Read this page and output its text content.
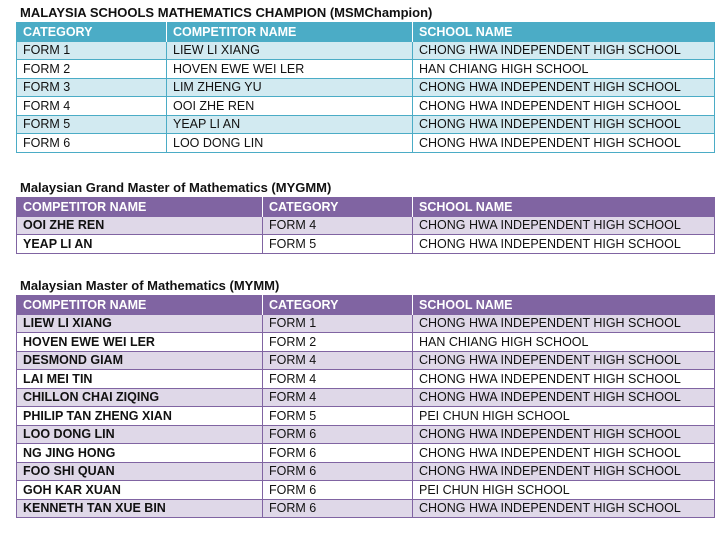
MALAYSIA SCHOOLS MATHEMATICS CHAMPION (MSMChampion)
CATEGORY	COMPETITOR NAME	SCHOOL NAME
FORM 1	LIEW LI XIANG	CHONG HWA INDEPENDENT HIGH SCHOOL
FORM 2	HOVEN EWE WEI LER	HAN CHIANG HIGH SCHOOL
FORM 3	LIM ZHENG YU	CHONG HWA INDEPENDENT HIGH SCHOOL
FORM 4	OOI ZHE REN	CHONG HWA INDEPENDENT HIGH SCHOOL
FORM 5	YEAP LI AN	CHONG HWA INDEPENDENT HIGH SCHOOL
FORM 6	LOO DONG LIN	CHONG HWA INDEPENDENT HIGH SCHOOL
Malaysian Grand Master of Mathematics (MYGMM)
COMPETITOR NAME	CATEGORY	SCHOOL NAME
OOI ZHE REN	FORM 4	CHONG HWA INDEPENDENT HIGH SCHOOL
YEAP LI AN	FORM 5	CHONG HWA INDEPENDENT HIGH SCHOOL
Malaysian Master of Mathematics (MYMM)
COMPETITOR NAME	CATEGORY	SCHOOL NAME
LIEW LI XIANG	FORM 1	CHONG HWA INDEPENDENT HIGH SCHOOL
HOVEN EWE WEI LER	FORM 2	HAN CHIANG HIGH SCHOOL
DESMOND GIAM	FORM 4	CHONG HWA INDEPENDENT HIGH SCHOOL
LAI MEI TIN	FORM 4	CHONG HWA INDEPENDENT HIGH SCHOOL
CHILLON CHAI ZIQING	FORM 4	CHONG HWA INDEPENDENT HIGH SCHOOL
PHILIP TAN ZHENG XIAN	FORM 5	PEI CHUN HIGH SCHOOL
LOO DONG LIN	FORM 6	CHONG HWA INDEPENDENT HIGH SCHOOL
NG JING HONG	FORM 6	CHONG HWA INDEPENDENT HIGH SCHOOL
FOO SHI QUAN	FORM 6	CHONG HWA INDEPENDENT HIGH SCHOOL
GOH KAR XUAN	FORM 6	PEI CHUN HIGH SCHOOL
KENNETH TAN XUE BIN	FORM 6	CHONG HWA INDEPENDENT HIGH SCHOOL
